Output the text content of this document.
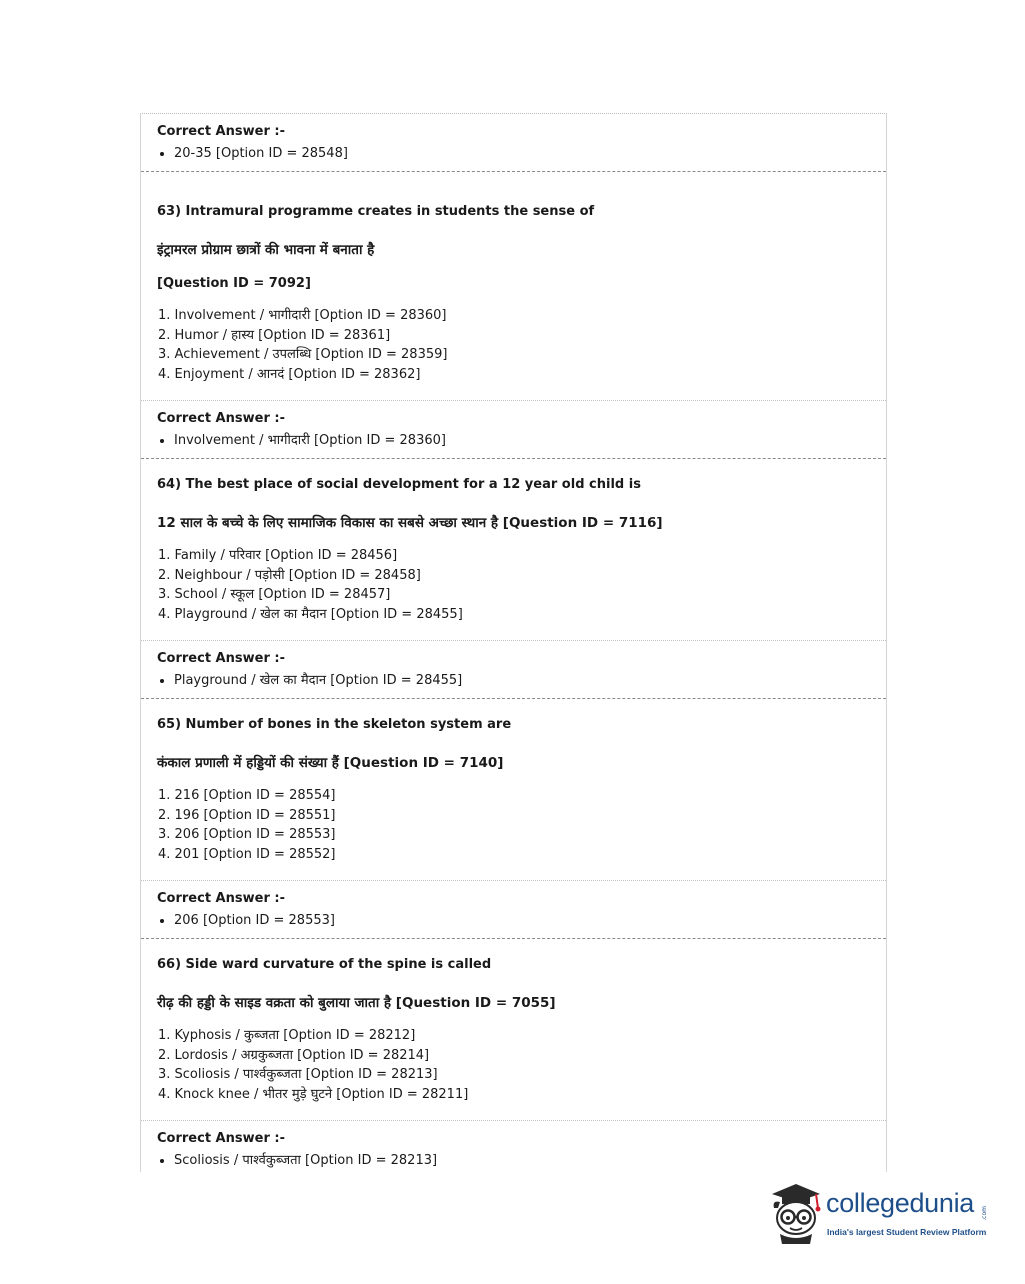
Correct Answer :-
• 20-35 [Option ID = 28548]
63) Intramural programme creates in students the sense of
इंट्रामरल प्रोग्राम छात्रों की भावना में बनाता है
[Question ID = 7092]
1. Involvement / भागीदारी [Option ID = 28360]
2. Humor / हास्य [Option ID = 28361]
3. Achievement / उपलब्धि [Option ID = 28359]
4. Enjoyment / आनदं [Option ID = 28362]
Correct Answer :-
• Involvement / भागीदारी [Option ID = 28360]
64) The best place of social development for a 12 year old child is
12 साल के बच्चे के लिए सामाजिक विकास का सबसे अच्छा स्थान है [Question ID = 7116]
1. Family / परिवार [Option ID = 28456]
2. Neighbour / पड़ोसी [Option ID = 28458]
3. School / स्कूल [Option ID = 28457]
4. Playground / खेल का मैदान [Option ID = 28455]
Correct Answer :-
• Playground / खेल का मैदान [Option ID = 28455]
65) Number of bones in the skeleton system are
कंकाल प्रणाली में हड्डियों की संख्या हैं [Question ID = 7140]
1. 216 [Option ID = 28554]
2. 196 [Option ID = 28551]
3. 206 [Option ID = 28553]
4. 201 [Option ID = 28552]
Correct Answer :-
• 206 [Option ID = 28553]
66) Side ward curvature of the spine is called
रीढ़ की हड्डी के साइड वक्रता को बुलाया जाता है [Question ID = 7055]
1. Kyphosis / कुब्जता [Option ID = 28212]
2. Lordosis / अग्रकुब्जता [Option ID = 28214]
3. Scoliosis / पार्श्वकुब्जता [Option ID = 28213]
4. Knock knee / भीतर मुड़े घुटने [Option ID = 28211]
Correct Answer :-
• Scoliosis / पार्श्वकुब्जता [Option ID = 28213]
collegedunia .com
India's largest Student Review Platform
